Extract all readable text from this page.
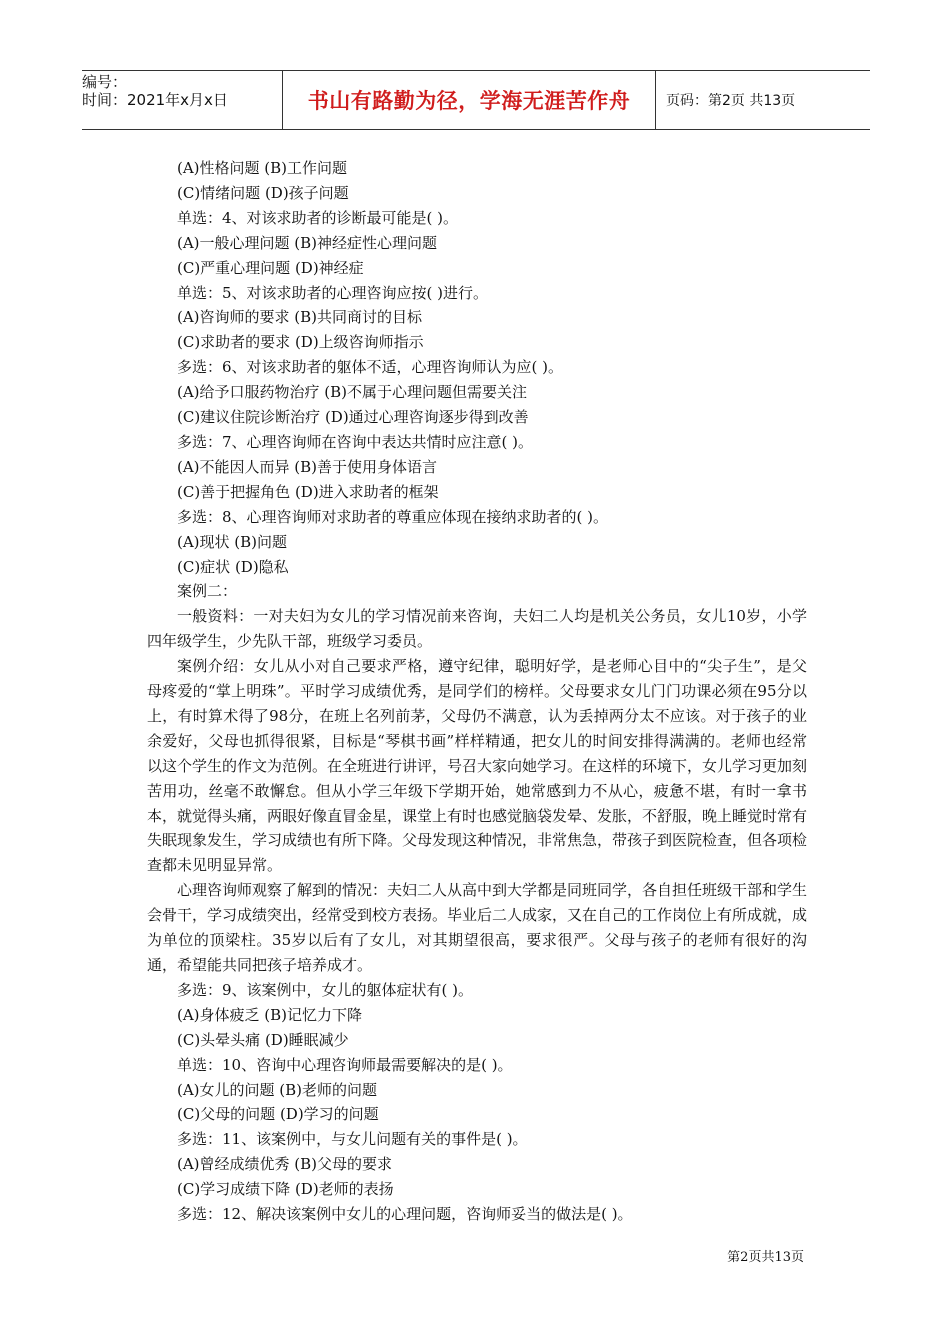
编号：
时间：2021年x月x日	书山有路勤为径，学海无涯苦作舟	页码：第2页 共13页
(A)性格问题 (B)工作问题
(C)情绪问题 (D)孩子问题
单选：4、对该求助者的诊断最可能是( )。
(A)一般心理问题 (B)神经症性心理问题
(C)严重心理问题 (D)神经症
单选：5、对该求助者的心理咨询应按( )进行。
(A)咨询师的要求 (B)共同商讨的目标
(C)求助者的要求 (D)上级咨询师指示
多选：6、对该求助者的躯体不适，心理咨询师认为应( )。
(A)给予口服药物治疗 (B)不属于心理问题但需要关注
(C)建议住院诊断治疗 (D)通过心理咨询逐步得到改善
多选：7、心理咨询师在咨询中表达共情时应注意( )。
(A)不能因人而异 (B)善于使用身体语言
(C)善于把握角色 (D)进入求助者的框架
多选：8、心理咨询师对求助者的尊重应体现在接纳求助者的( )。
(A)现状 (B)问题
(C)症状 (D)隐私
案例二：
一般资料：一对夫妇为女儿的学习情况前来咨询，夫妇二人均是机关公务员，女儿10岁，小学四年级学生，少先队干部，班级学习委员。
案例介绍：女儿从小对自己要求严格，遵守纪律，聪明好学，是老师心目中的“尖子生”，是父母疼爱的“掌上明珠”。平时学习成绩优秀，是同学们的榜样。父母要求女儿门门功课必须在95分以上，有时算术得了98分，在班上名列前茅，父母仍不满意，认为丢掉两分太不应该。对于孩子的业余爱好，父母也抓得很紧，目标是“琴棋书画”样样精通，把女儿的时间安排得满满的。老师也经常以这个学生的作文为范例。在全班进行讲评，号召大家向她学习。在这样的环境下，女儿学习更加刻苦用功，丝毫不敢懈怠。但从小学三年级下学期开始，她常感到力不从心，疲惫不堪，有时一拿书本，就觉得头痛，两眼好像直冒金星，课堂上有时也感觉脑袋发晕、发胀，不舒服，晚上睡觉时常有失眠现象发生，学习成绩也有所下降。父母发现这种情况，非常焦急，带孩子到医院检查，但各项检查都未见明显异常。
心理咨询师观察了解到的情况：夫妇二人从高中到大学都是同班同学，各自担任班级干部和学生会骨干，学习成绩突出，经常受到校方表扬。毕业后二人成家，又在自己的工作岗位上有所成就，成为单位的顶梁柱。35岁以后有了女儿，对其期望很高，要求很严。父母与孩子的老师有很好的沟通，希望能共同把孩子培养成才。
多选：9、该案例中，女儿的躯体症状有( )。
(A)身体疲乏 (B)记忆力下降
(C)头晕头痛 (D)睡眠减少
单选：10、咨询中心理咨询师最需要解决的是( )。
(A)女儿的问题 (B)老师的问题
(C)父母的问题 (D)学习的问题
多选：11、该案例中，与女儿问题有关的事件是( )。
(A)曾经成绩优秀 (B)父母的要求
(C)学习成绩下降 (D)老师的表扬
多选：12、解决该案例中女儿的心理问题，咨询师妥当的做法是( )。
第2页共13页
